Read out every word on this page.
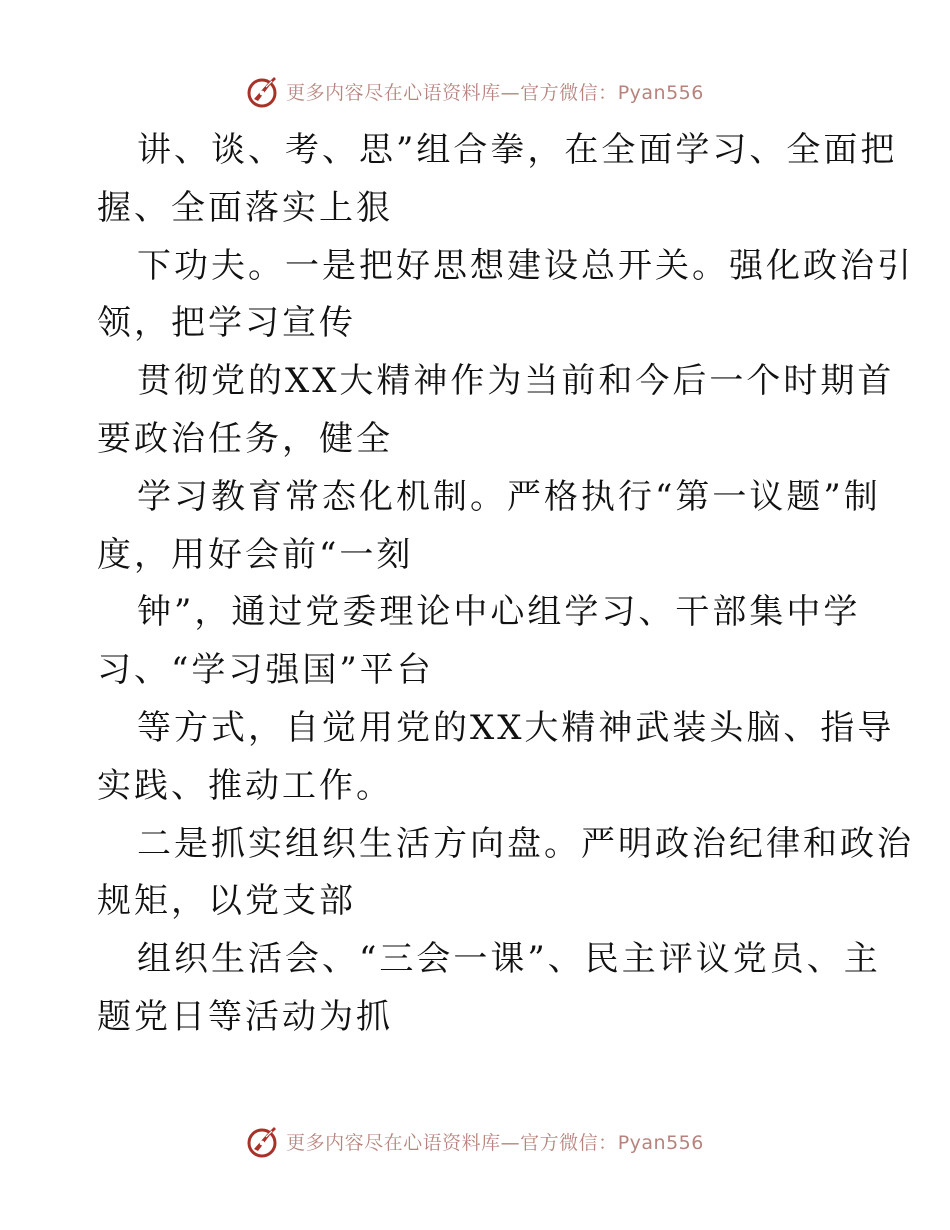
更多内容尽在心语资料库—官方微信：Pyan556
讲、谈、考、思”组合拳，在全面学习、全面把
握、全面落实上狠
下功夫。一是把好思想建设总开关。强化政治引
领，把学习宣传
贯彻党的XX大精神作为当前和今后一个时期首
要政治任务，健全
学习教育常态化机制。严格执行“第一议题”制
度，用好会前“一刻
钟”，通过党委理论中心组学习、干部集中学
习、“学习强国”平台
等方式，自觉用党的XX大精神武装头脑、指导
实践、推动工作。
二是抓实组织生活方向盘。严明政治纪律和政治
规矩，以党支部
组织生活会、“三会一课”、民主评议党员、主
题党日等活动为抓
更多内容尽在心语资料库—官方微信：Pyan556
